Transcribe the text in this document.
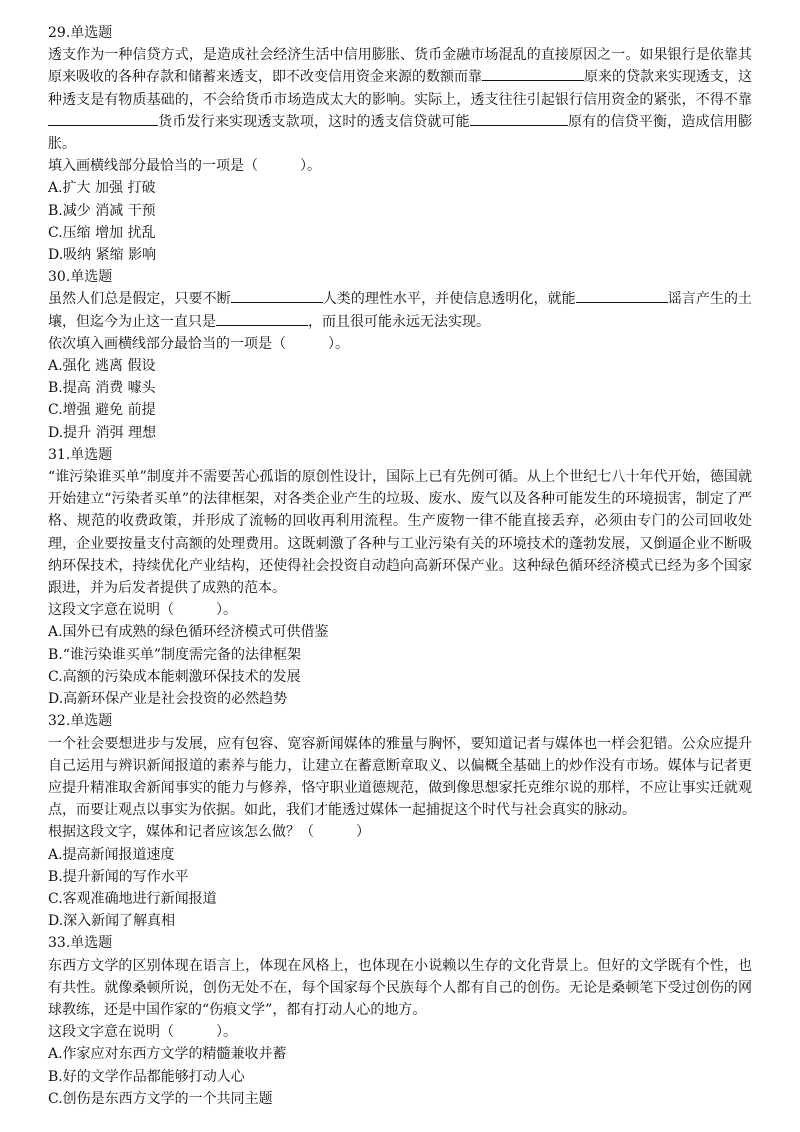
29.单选题
透支作为一种信贷方式，是造成社会经济生活中信用膨胀、货币金融市场混乱的直接原因之一。如果银行是依靠其原来吸收的各种存款和储蓄来透支，即不改变信用资金来源的数额而靠	原来的贷款来实现透支，这种透支是有物质基础的，不会给货币市场造成太大的影响。实际上，透支往往引起银行信用资金的紧张，不得不靠货币发行来实现透支款项，这时的透支信贷就可能	原有的信贷平衡，造成信用膨胀。
填入画横线部分最恰当的一项是（　　　）。
A.扩大 加强 打破
B.减少 消减 干预
C.压缩 增加 扰乱
D.吸纳 紧缩 影响
30.单选题
虽然人们总是假定，只要不断	人类的理性水平，并使信息透明化，就能	谣言产生的土壤，但迄今为止这一直只是	，而且很可能永远无法实现。
依次填入画横线部分最恰当的一项是（　　　）。
A.强化 逃离 假设
B.提高 消费 噱头
C.增强 避免 前提
D.提升 消弭 理想
31.单选题
“谁污染谁买单”制度并不需要苦心孤诣的原创性设计，国际上已有先例可循。从上个世纪七八十年代开始，德国就开始建立“污染者买单”的法律框架，对各类企业产生的垃圾、废水、废气以及各种可能发生的环境损害，制定了严格、规范的收费政策，并形成了流畅的回收再利用流程。生产废物一律不能直接丢弃，必须由专门的公司回收处理，企业要按量支付高额的处理费用。这既刺激了各种与工业污染有关的环境技术的蓬勃发展，又倒逼企业不断吸纳环保技术，持续优化产业结构，还使得社会投资自动趋向高新环保产业。这种绿色循环经济模式已经为多个国家跟进，并为后发者提供了成熟的范本。
这段文字意在说明（　　　）。
A.国外已有成熟的绿色循环经济模式可供借鉴
B.“谁污染谁买单”制度需完备的法律框架
C.高额的污染成本能刺激环保技术的发展
D.高新环保产业是社会投资的必然趋势
32.单选题
一个社会要想进步与发展，应有包容、宽容新闻媒体的雅量与胸怀，要知道记者与媒体也一样会犯错。公众应提升自己运用与辨识新闻报道的素养与能力，让建立在蓄意断章取义、以偏概全基础上的炒作没有市场。媒体与记者更应提升精准取舍新闻事实的能力与修养，恪守职业道德规范，做到像思想家托克维尔说的那样，不应让事实迁就观点，而要让观点以事实为依据。如此，我们才能透过媒体一起捕捉这个时代与社会真实的脉动。
根据这段文字，媒体和记者应该怎么做？（　　　）
A.提高新闻报道速度
B.提升新闻的写作水平
C.客观准确地进行新闻报道
D.深入新闻了解真相
33.单选题
东西方文学的区别体现在语言上，体现在风格上，也体现在小说赖以生存的文化背景上。但好的文学既有个性，也有共性。就像桑顿所说，创伤无处不在，每个国家每个民族每个人都有自己的创伤。无论是桑顿笔下受过创伤的网球教练，还是中国作家的“伤痕文学”，都有打动人心的地方。
这段文字意在说明（　　　）。
A.作家应对东西方文学的精髓兼收并蓄
B.好的文学作品都能够打动人心
C.创伤是东西方文学的一个共同主题
